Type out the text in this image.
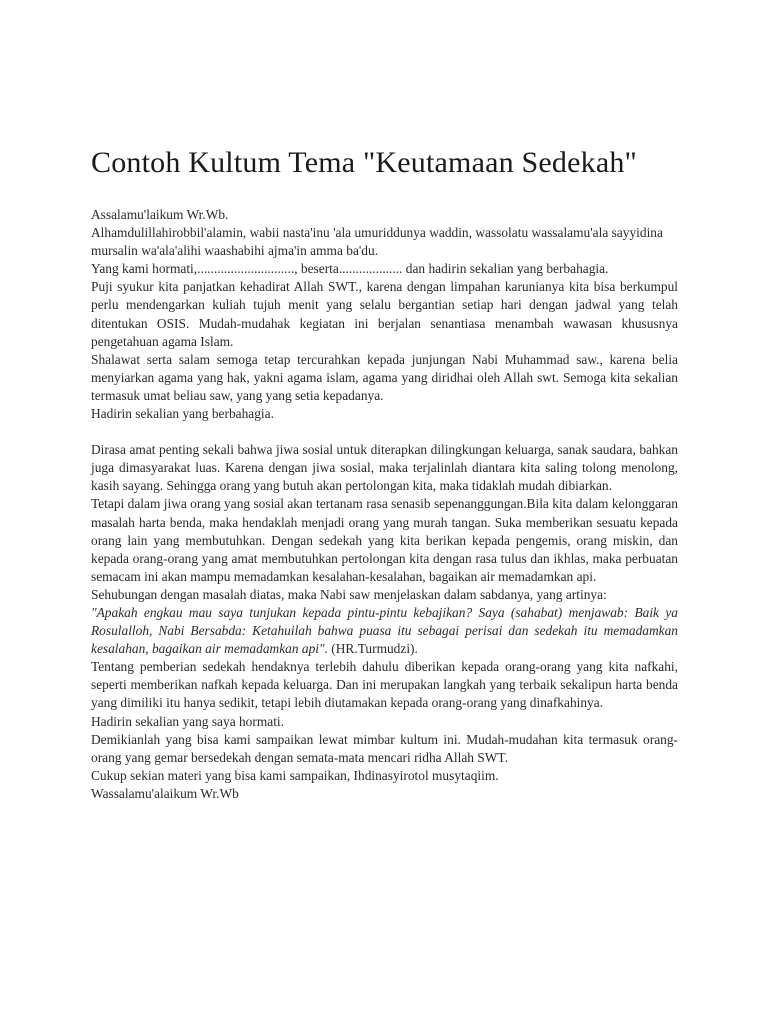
Contoh Kultum Tema "Keutamaan Sedekah"

Assalamu'laikum Wr.Wb.

Alhamdulillahirobbil'alamin, wabii nasta'inu 'ala umuriddunya waddin, wassolatu wassalamu'ala sayyidina mursalin wa'ala'alihi waashabihi ajma'in amma ba'du.

Yang kami hormati,............................., beserta................... dan hadirin sekalian yang berbahagia.

Puji syukur kita panjatkan kehadirat Allah SWT., karena dengan limpahan karunianya kita bisa berkumpul perlu mendengarkan kuliah tujuh menit yang selalu bergantian setiap hari dengan jadwal yang telah ditentukan OSIS. Mudah-mudahak kegiatan ini berjalan senantiasa menambah wawasan khususnya pengetahuan agama Islam.

Shalawat serta salam semoga tetap tercurahkan kepada junjungan Nabi Muhammad saw., karena belia menyiarkan agama yang hak, yakni agama islam, agama yang diridhai oleh Allah swt. Semoga kita sekalian termasuk umat beliau saw, yang yang setia kepadanya.

Hadirin sekalian yang berbahagia.

Dirasa amat penting sekali bahwa jiwa sosial untuk diterapkan dilingkungan keluarga, sanak saudara, bahkan juga dimasyarakat luas. Karena dengan jiwa sosial, maka terjalinlah diantara kita saling tolong menolong, kasih sayang. Sehingga orang yang butuh akan pertolongan kita, maka tidaklah mudah dibiarkan.

Tetapi dalam jiwa orang yang sosial akan tertanam rasa senasib sepenanggungan.Bila kita dalam kelonggaran masalah harta benda, maka hendaklah menjadi orang yang murah tangan. Suka memberikan sesuatu kepada orang lain yang membutuhkan. Dengan sedekah yang kita berikan kepada pengemis, orang miskin, dan kepada orang-orang yang amat membutuhkan pertolongan kita dengan rasa tulus dan ikhlas, maka perbuatan semacam ini akan mampu memadamkan kesalahan-kesalahan, bagaikan air memadamkan api.

Sehubungan dengan masalah diatas, maka Nabi saw menjelaskan dalam sabdanya, yang artinya:

"Apakah engkau mau saya tunjukan kepada pintu-pintu kebajikan? Saya (sahabat) menjawab: Baik ya Rosulalloh, Nabi Bersabda: Ketahuilah bahwa puasa itu sebagai perisai dan sedekah itu memadamkan kesalahan, bagaikan air memadamkan api". (HR.Turmudzi).

Tentang pemberian sedekah hendaknya terlebih dahulu diberikan kepada orang-orang yang kita nafkahi, seperti memberikan nafkah kepada keluarga. Dan ini merupakan langkah yang terbaik sekalipun harta benda yang dimiliki itu hanya sedikit, tetapi lebih diutamakan kepada orang-orang yang dinafkahinya.

Hadirin sekalian yang saya hormati.

Demikianlah yang bisa kami sampaikan lewat mimbar kultum ini. Mudah-mudahan kita termasuk orang-orang yang gemar bersedekah dengan semata-mata mencari ridha Allah SWT.

Cukup sekian materi yang bisa kami sampaikan, Ihdinasyirotol musytaqiim.

Wassalamu'alaikum Wr.Wb
